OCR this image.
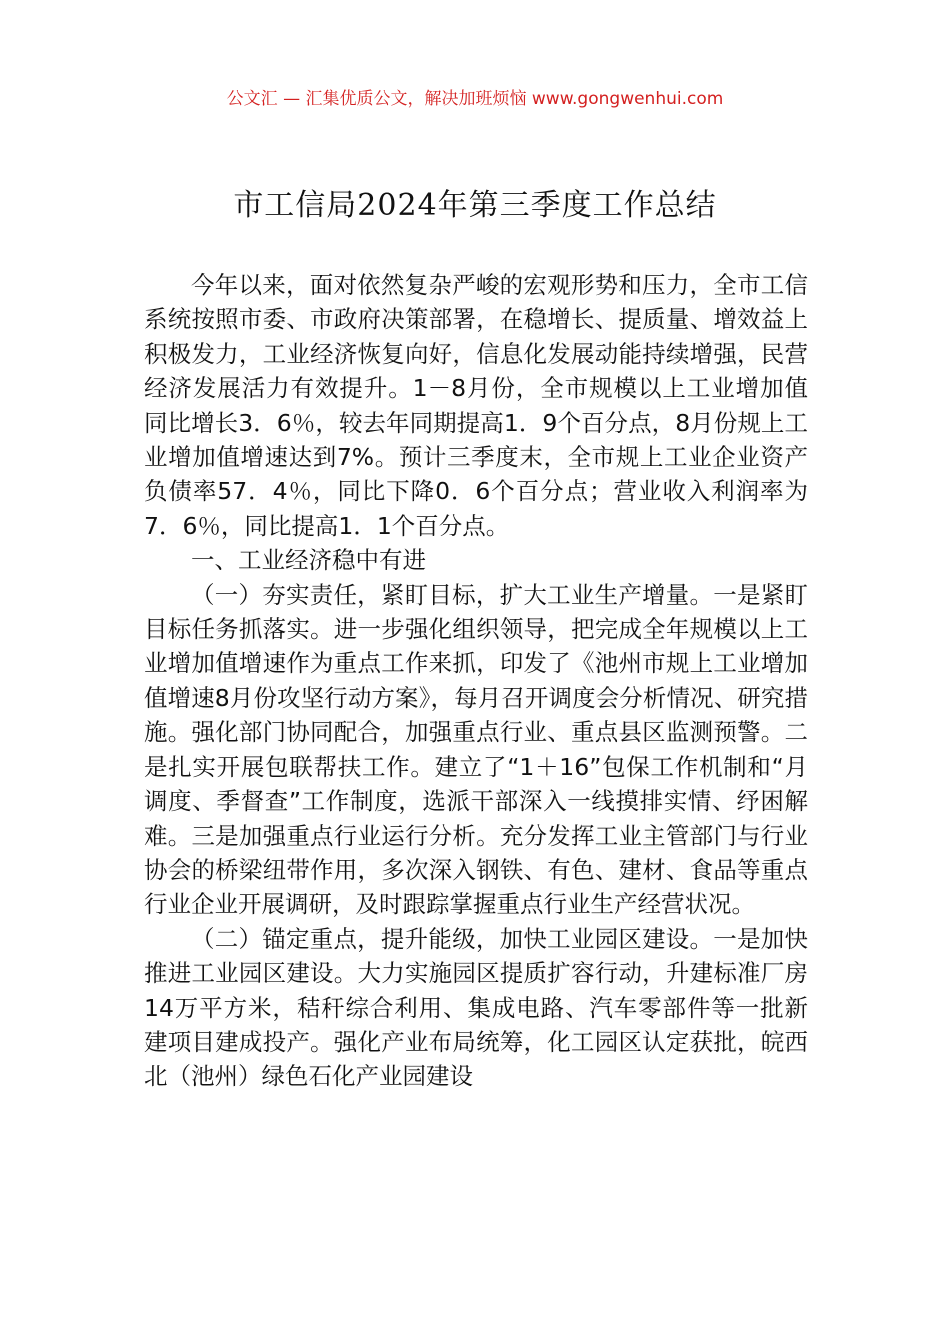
公文汇 — 汇集优质公文，解决加班烦恼 www.gongwenhui.com
市工信局2024年第三季度工作总结

今年以来，面对依然复杂严峻的宏观形势和压力，全市工信系统按照市委、市政府决策部署，在稳增长、提质量、增效益上积极发力，工业经济恢复向好，信息化发展动能持续增强，民营经济发展活力有效提升。1－8月份，全市规模以上工业增加值同比增长3．6％，较去年同期提高1．9个百分点，8月份规上工业增加值增速达到7%。预计三季度末，全市规上工业企业资产负债率57．4％，同比下降0．6个百分点；营业收入利润率为7．6％，同比提高1．1个百分点。

一、工业经济稳中有进

（一）夯实责任，紧盯目标，扩大工业生产增量。一是紧盯目标任务抓落实。进一步强化组织领导，把完成全年规模以上工业增加值增速作为重点工作来抓，印发了《池州市规上工业增加值增速8月份攻坚行动方案》，每月召开调度会分析情况、研究措施。强化部门协同配合，加强重点行业、重点县区监测预警。二是扎实开展包联帮扶工作。建立了“1＋16”包保工作机制和“月调度、季督查”工作制度，选派干部深入一线摸排实情、纾困解难。三是加强重点行业运行分析。充分发挥工业主管部门与行业协会的桥梁纽带作用，多次深入钢铁、有色、建材、食品等重点行业企业开展调研，及时跟踪掌握重点行业生产经营状况。

（二）锚定重点，提升能级，加快工业园区建设。一是加快推进工业园区建设。大力实施园区提质扩容行动，升建标准厂房14万平方米，秸秆综合利用、集成电路、汽车零部件等一批新建项目建成投产。强化产业布局统筹，化工园区认定获批，皖西北（池州）绿色石化产业园建设
